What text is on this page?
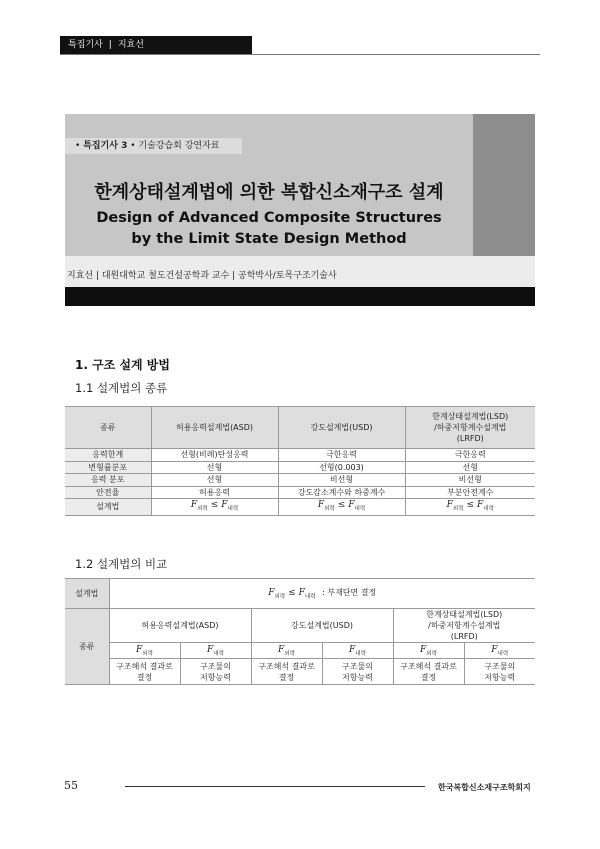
특집기사 | 지효선
• 특집기사 3 • 기술강습회 강연자료
한계상태설계법에 의한 복합신소재구조 설계
Design of Advanced Composite Structures
by the Limit State Design Method
지효선 | 대원대학교 철도건설공학과 교수 | 공학박사/토목구조기술사
1. 구조 설계 방법
1.1 설계법의 종류
종류	허용응력설계법(ASD)	강도설계법(USD)	한계상태설계법(LSD)
/하중저항계수설계법
(LRFD)
응력한계	선형(비례)탄성응력	극한응력	극한응력
변형률분포	선형	선형(0.003)	선형
응력 분포	선형	비선형	비선형
안전율	허용응력	강도감소계수와 하중계수	부분안전계수
설계법	$F_{외력} \le F_{내력}$	$F_{외력} \le F_{내력}$	$F_{외력} \le F_{내력}$
1.2 설계법의 비교
설계법	$F_{외력} \le F_{내력}$ : 부재단면 결정					
종류	허용응력설계법(ASD)		강도설계법(USD)		한계상태설계법(LSD)
/하중저항계수설계법
(LRFD)	
	$F_{외력}$	$F_{내력}$	$F_{외력}$	$F_{내력}$	$F_{외력}$	$F_{내력}$
	구조해석 결과로
결정	구조물의
저항능력	구조해석 결과로
결정	구조물의
저항능력	구조해석 결과로
결정	구조물의
저항능력
55	한국복합신소재구조학회지
